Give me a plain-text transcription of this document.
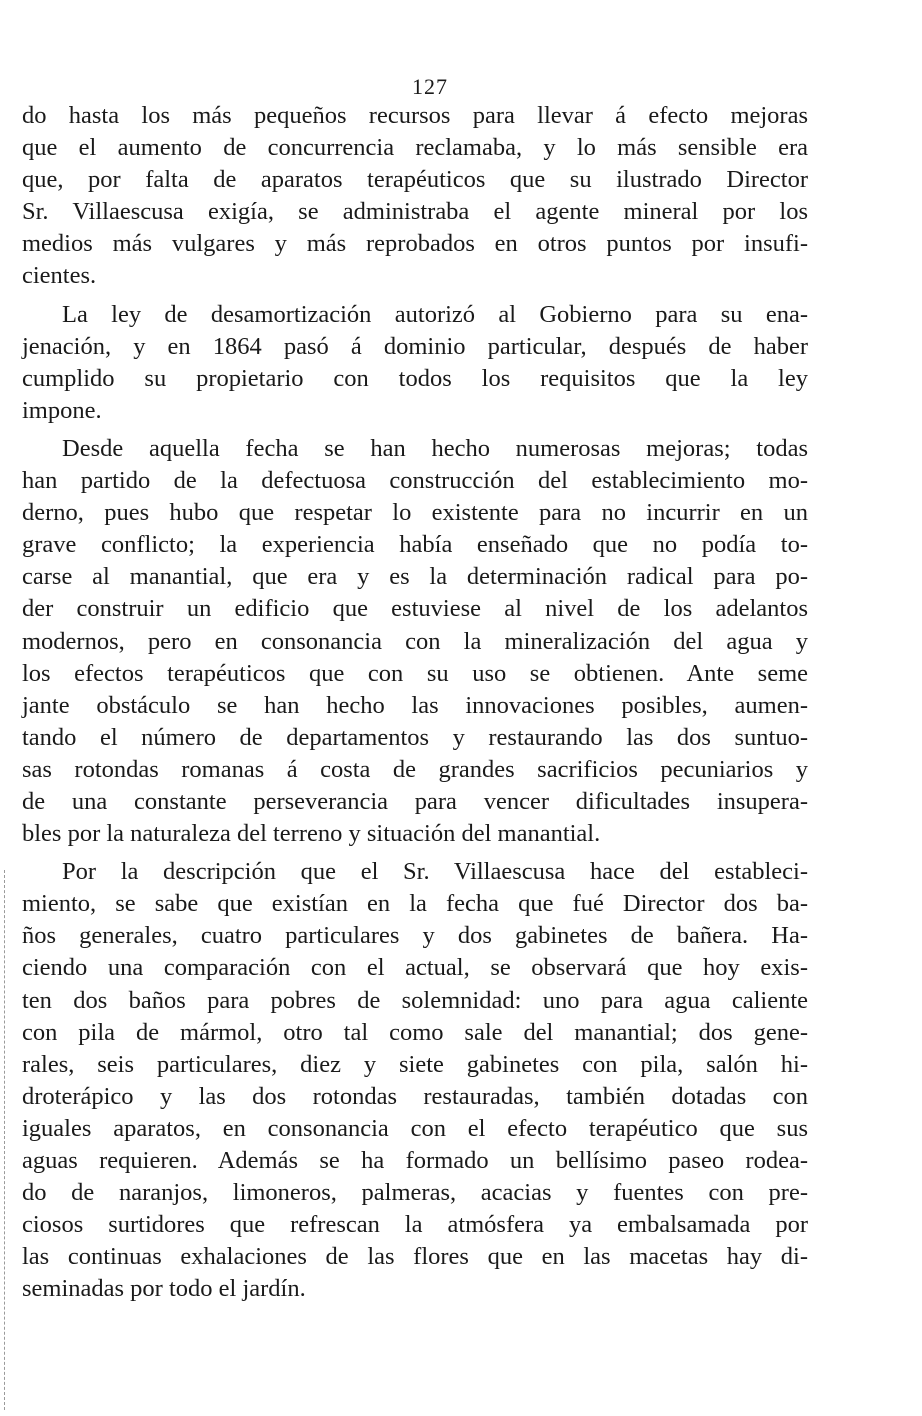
127
do hasta los más pequeños recursos para llevar á efecto mejoras
que el aumento de concurrencia reclamaba, y lo más sensible era
que, por falta de aparatos terapéuticos que su ilustrado Director
Sr. Villaescusa exigía, se administraba el agente mineral por los
medios más vulgares y más reprobados en otros puntos por insufi-
cientes.
La ley de desamortización autorizó al Gobierno para su ena-
jenación, y en 1864 pasó á dominio particular, después de haber
cumplido su propietario con todos los requisitos que la ley
impone.
Desde aquella fecha se han hecho numerosas mejoras; todas
han partido de la defectuosa construcción del establecimiento mo-
derno, pues hubo que respetar lo existente para no incurrir en un
grave conflicto; la experiencia había enseñado que no podía to-
carse al manantial, que era y es la determinación radical para po-
der construir un edificio que estuviese al nivel de los adelantos
modernos, pero en consonancia con la mineralización del agua y
los efectos terapéuticos que con su uso se obtienen. Ante seme
jante obstáculo se han hecho las innovaciones posibles, aumen-
tando el número de departamentos y restaurando las dos suntuo-
sas rotondas romanas á costa de grandes sacrificios pecuniarios y
de una constante perseverancia para vencer dificultades insupera-
bles por la naturaleza del terreno y situación del manantial.
Por la descripción que el Sr. Villaescusa hace del estableci-
miento, se sabe que existían en la fecha que fué Director dos ba-
ños generales, cuatro particulares y dos gabinetes de bañera. Ha-
ciendo una comparación con el actual, se observará que hoy exis-
ten dos baños para pobres de solemnidad: uno para agua caliente
con pila de mármol, otro tal como sale del manantial; dos gene-
rales, seis particulares, diez y siete gabinetes con pila, salón hi-
droterápico y las dos rotondas restauradas, también dotadas con
iguales aparatos, en consonancia con el efecto terapéutico que sus
aguas requieren. Además se ha formado un bellísimo paseo rodea-
do de naranjos, limoneros, palmeras, acacias y fuentes con pre-
ciosos surtidores que refrescan la atmósfera ya embalsamada por
las continuas exhalaciones de las flores que en las macetas hay di-
seminadas por todo el jardín.
